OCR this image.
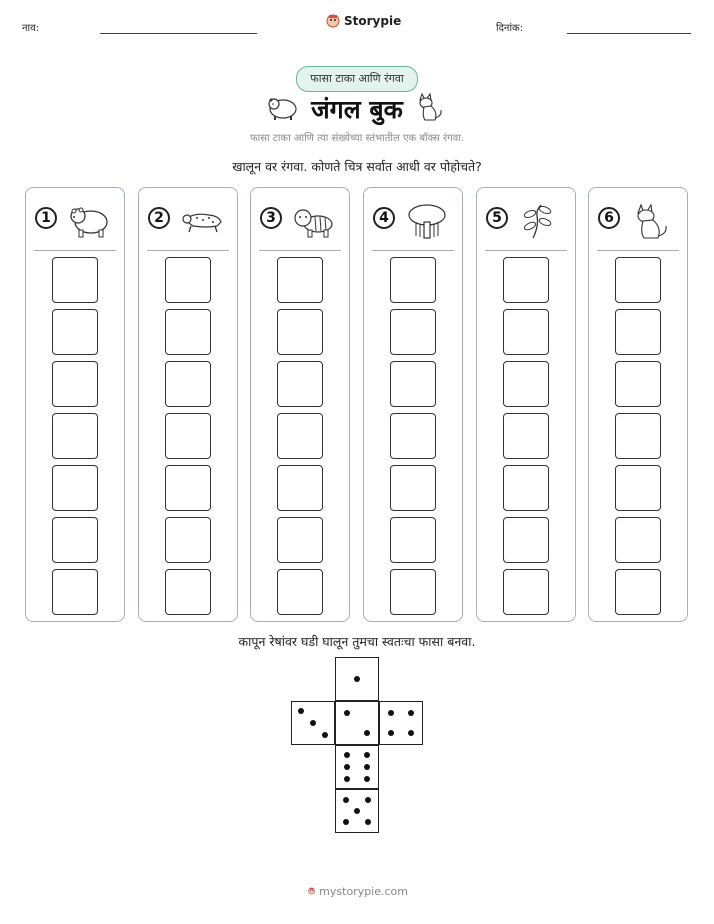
नाव:
Storypie
दिनांक:
फासा टाका आणि रंगवा
जंगल बुक
फासा टाका आणि त्या संख्येच्या स्तंभातील एक बॉक्स रंगवा.
खालून वर रंगवा. कोणते चित्र सर्वात आधी वर पोहोचते?
1	2	3	4	5	6
कापून रेषांवर घडी घालून तुमचा स्वतःचा फासा बनवा.
mystorypie.com
